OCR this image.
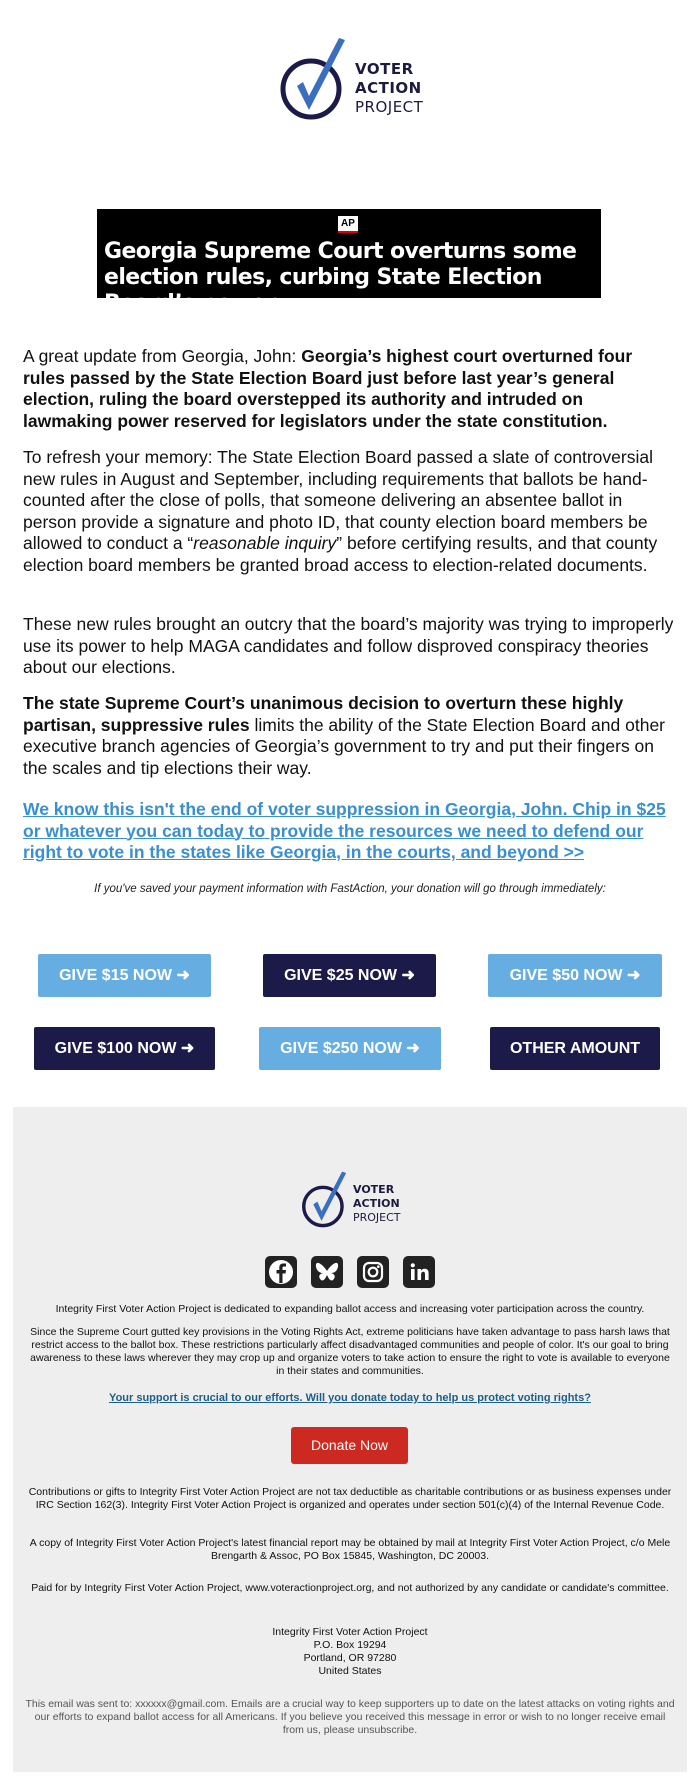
VOTER
ACTION
PROJECT
AP
Georgia Supreme Court overturns some election rules, curbing State Election Board’s power

A great update from Georgia, John: Georgia’s highest court overturned four rules passed by the State Election Board just before last year’s general election, ruling the board overstepped its authority and intruded on lawmaking power reserved for legislators under the state constitution.

To refresh your memory: The State Election Board passed a slate of controversial new rules in August and September, including requirements that ballots be hand-counted after the close of polls, that someone delivering an absentee ballot in person provide a signature and photo ID, that county election board members be allowed to conduct a “reasonable inquiry” before certifying results, and that county election board members be granted broad access to election-related documents.

These new rules brought an outcry that the board’s majority was trying to improperly use its power to help MAGA candidates and follow disproved conspiracy theories about our elections.

The state Supreme Court’s unanimous decision to overturn these highly partisan, suppressive rules limits the ability of the State Election Board and other executive branch agencies of Georgia’s government to try and put their fingers on the scales and tip elections their way.

We know this isn't the end of voter suppression in Georgia, John. Chip in $25 or whatever you can today to provide the resources we need to defend our right to vote in the states like Georgia, in the courts, and beyond >>

If you've saved your payment information with FastAction, your donation will go through immediately:
GIVE $15 NOW ➜	GIVE $25 NOW ➜	GIVE $50 NOW ➜
GIVE $100 NOW ➜	GIVE $250 NOW ➜	OTHER AMOUNT
VOTER
ACTION
PROJECT

Integrity First Voter Action Project is dedicated to expanding ballot access and increasing voter participation across the country.

Since the Supreme Court gutted key provisions in the Voting Rights Act, extreme politicians have taken advantage to pass harsh laws that restrict access to the ballot box. These restrictions particularly affect disadvantaged communities and people of color. It's our goal to bring awareness to these laws wherever they may crop up and organize voters to take action to ensure the right to vote is available to everyone in their states and communities.

Your support is crucial to our efforts. Will you donate today to help us protect voting rights?
Donate Now

Contributions or gifts to Integrity First Voter Action Project are not tax deductible as charitable contributions or as business expenses under IRC Section 162(3). Integrity First Voter Action Project is organized and operates under section 501(c)(4) of the Internal Revenue Code.

A copy of Integrity First Voter Action Project's latest financial report may be obtained by mail at Integrity First Voter Action Project, c/o Mele Brengarth & Assoc, PO Box 15845, Washington, DC 20003.

Paid for by Integrity First Voter Action Project, www.voteractionproject.org, and not authorized by any candidate or candidate's committee.

Integrity First Voter Action Project
P.O. Box 19294
Portland, OR 97280
United States

This email was sent to: xxxxxx@gmail.com. Emails are a crucial way to keep supporters up to date on the latest attacks on voting rights and our efforts to expand ballot access for all Americans. If you believe you received this message in error or wish to no longer receive email from us, please unsubscribe.
